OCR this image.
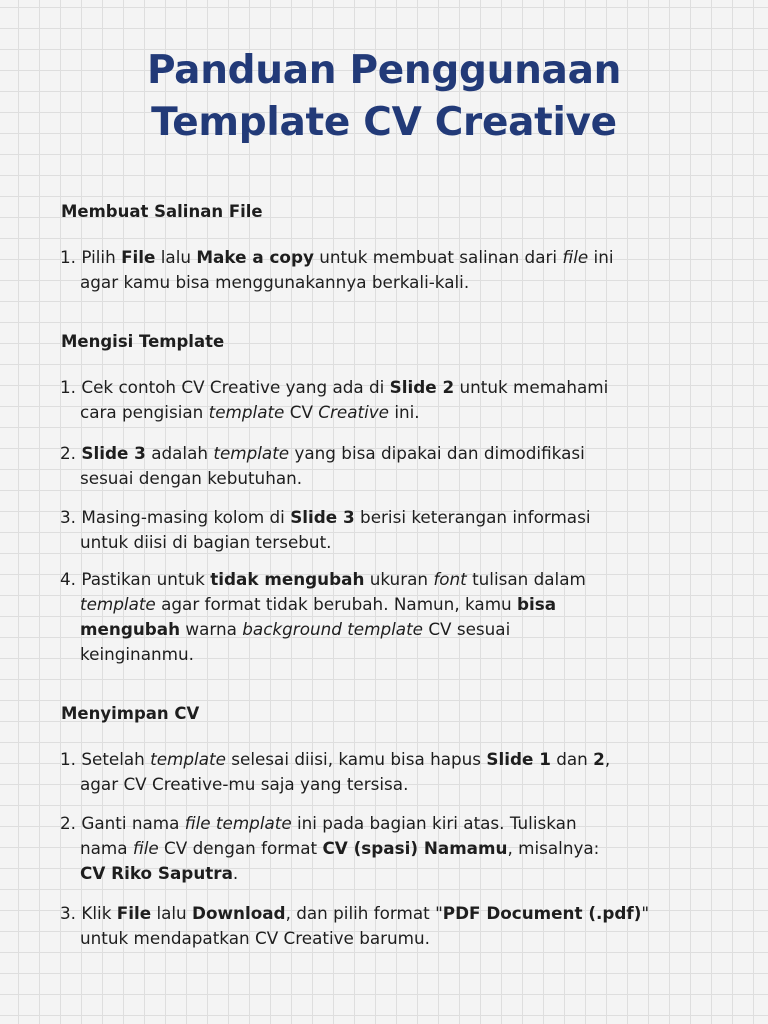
Panduan Penggunaan
Template CV Creative
Membuat Salinan File
1. Pilih File lalu Make a copy untuk membuat salinan dari file ini
agar kamu bisa menggunakannya berkali-kali.
Mengisi Template
1. Cek contoh CV Creative yang ada di Slide 2 untuk memahami
cara pengisian template CV Creative ini.
2. Slide 3 adalah template yang bisa dipakai dan dimodifikasi
sesuai dengan kebutuhan.
3. Masing-masing kolom di Slide 3 berisi keterangan informasi
untuk diisi di bagian tersebut.
4. Pastikan untuk tidak mengubah ukuran font tulisan dalam
template agar format tidak berubah. Namun, kamu bisa
mengubah warna background template CV sesuai
keinginanmu.
Menyimpan CV
1. Setelah template selesai diisi, kamu bisa hapus Slide 1 dan 2,
agar CV Creative-mu saja yang tersisa.
2. Ganti nama file template ini pada bagian kiri atas. Tuliskan
nama file CV dengan format CV (spasi) Namamu, misalnya:
CV Riko Saputra.
3. Klik File lalu Download, dan pilih format "PDF Document (.pdf)"
untuk mendapatkan CV Creative barumu.
